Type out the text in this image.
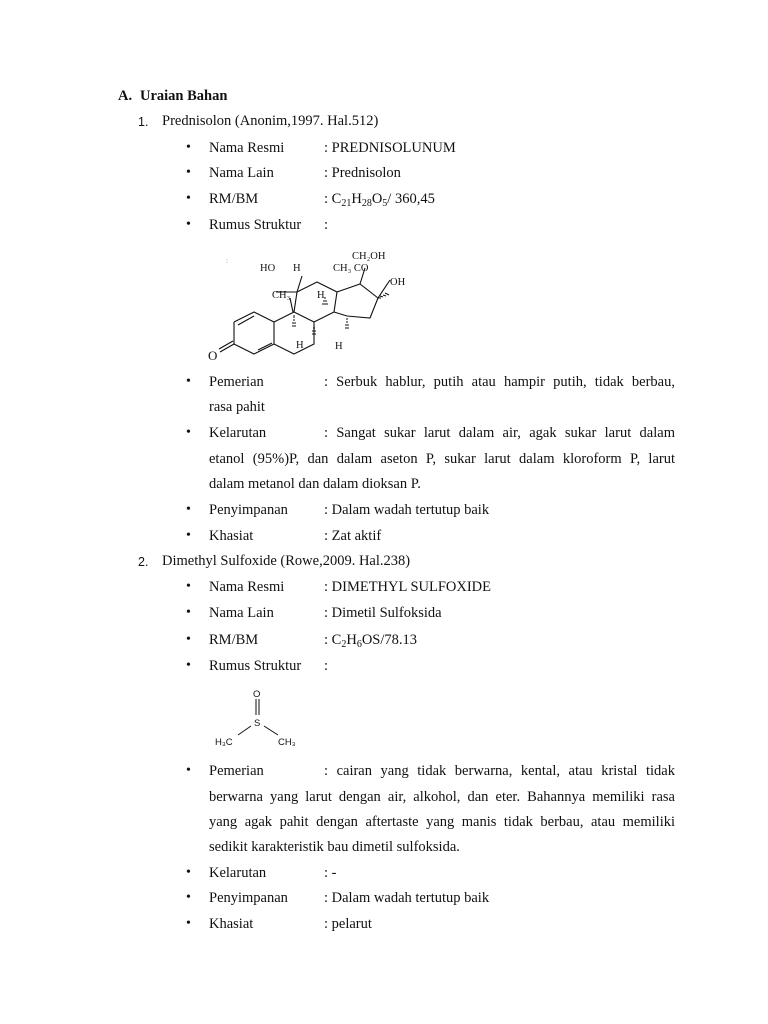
A. Uraian Bahan
1. Prednisolon (Anonim,1997. Hal.512)
• Nama Resmi	: PREDNISOLUNUM
• Nama Lain	: Prednisolon
• RM/BM	: $C_{21}H_{28}O_5/$ 360,45
• Rumus Struktur :
CH₂OH
HO H	CH₃ CO
OH
CH₃	H
H	H
O
:
• Pemerian	: Serbuk hablur, putih atau hampir putih, tidak berbau,
rasa pahit
• Kelarutan	: Sangat sukar larut dalam air, agak sukar larut dalam
etanol (95%)P, dan dalam aseton P, sukar larut dalam kloroform P, larut
dalam metanol dan dalam dioksan P.
• Penyimpanan : Dalam wadah tertutup baik
• Khasiat	: Zat aktif
2. Dimethyl Sulfoxide (Rowe,2009. Hal.238)
• Nama Resmi	: DIMETHYL SULFOXIDE
• Nama Lain	: Dimetil Sulfoksida
• RM/BM	: $C_2H_6OS/78.13$
• Rumus Struktur :
O
S
H₃C	CH₃
• Pemerian	: cairan yang tidak berwarna, kental, atau kristal tidak
berwarna yang larut dengan air, alkohol, dan eter. Bahannya memiliki rasa
yang agak pahit dengan aftertaste yang manis tidak berbau, atau memiliki
sedikit karakteristik bau dimetil sulfoksida.
• Kelarutan	: -
• Penyimpanan : Dalam wadah tertutup baik
• Khasiat	: pelarut
